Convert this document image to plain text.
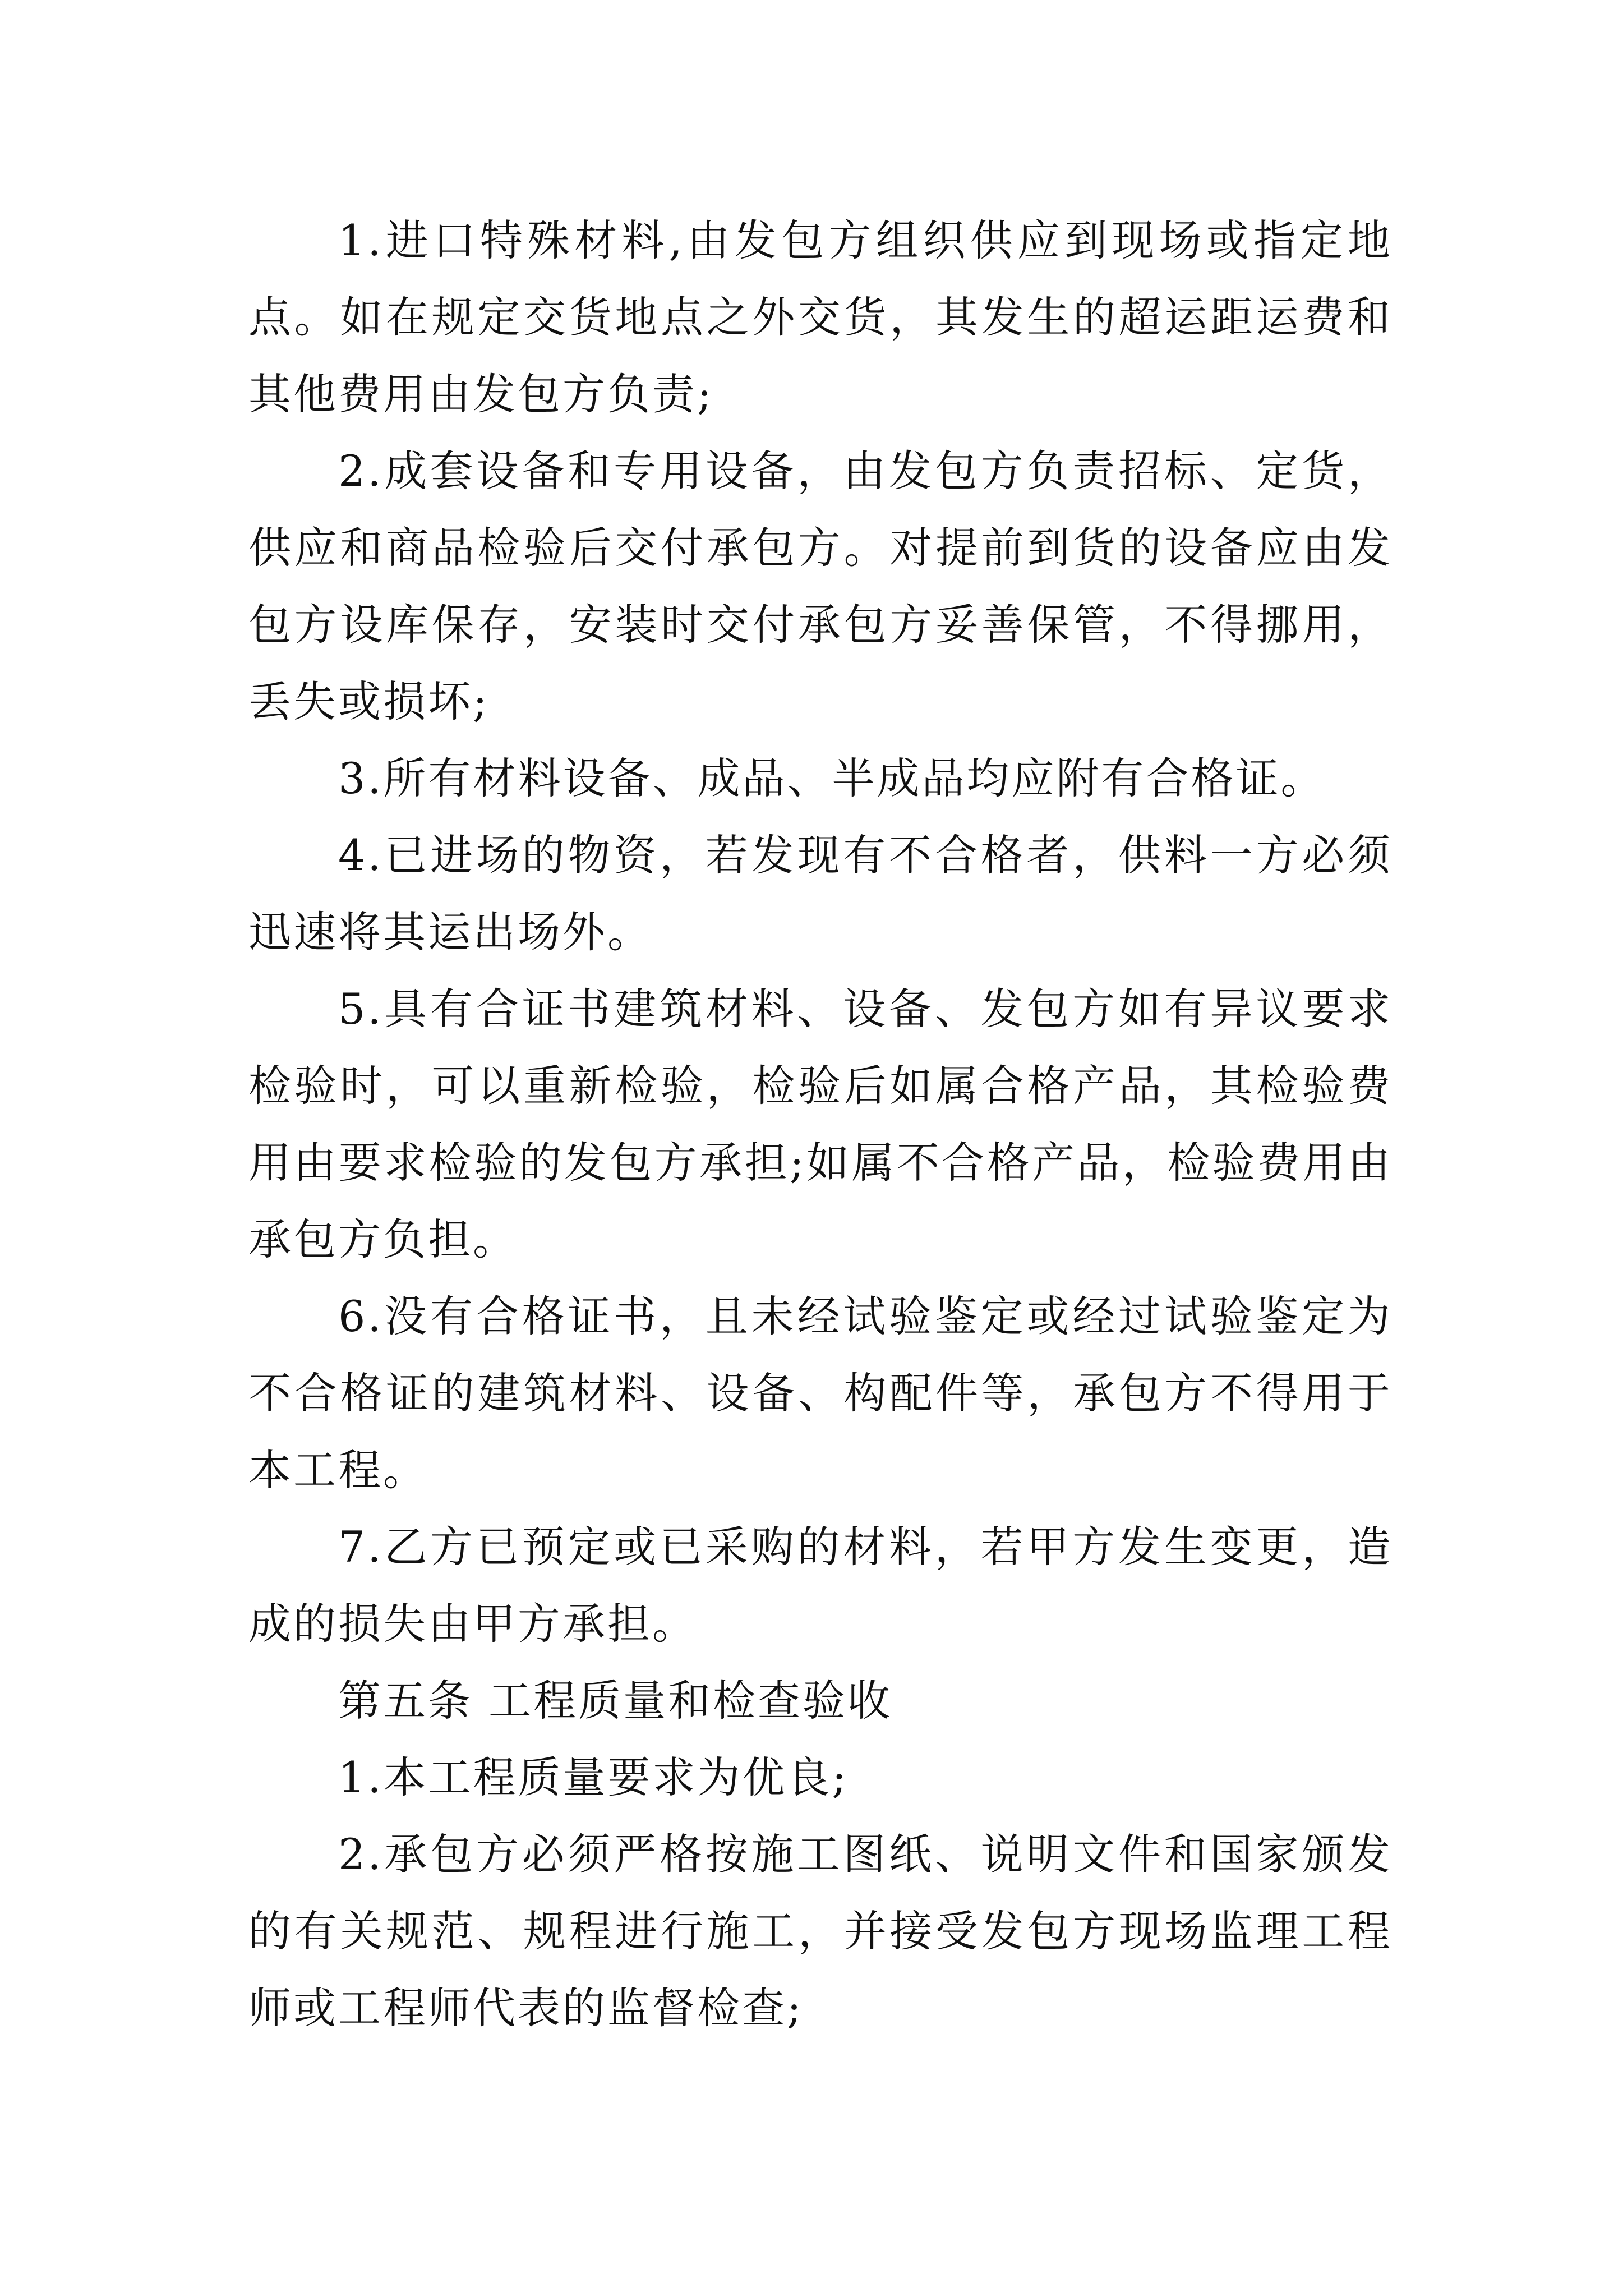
1.进口特殊材料,由发包方组织供应到现场或指定地点。如在规定交货地点之外交货，其发生的超运距运费和其他费用由发包方负责;

2.成套设备和专用设备，由发包方负责招标、定货，供应和商品检验后交付承包方。对提前到货的设备应由发包方设库保存，安装时交付承包方妥善保管，不得挪用，丢失或损坏;

3.所有材料设备、成品、半成品均应附有合格证。

4.已进场的物资，若发现有不合格者，供料一方必须迅速将其运出场外。

5.具有合证书建筑材料、设备、发包方如有异议要求检验时，可以重新检验，检验后如属合格产品，其检验费用由要求检验的发包方承担;如属不合格产品，检验费用由承包方负担。

6.没有合格证书，且未经试验鉴定或经过试验鉴定为不合格证的建筑材料、设备、构配件等，承包方不得用于本工程。

7.乙方已预定或已采购的材料，若甲方发生变更，造成的损失由甲方承担。

第五条 工程质量和检查验收

1.本工程质量要求为优良;

2.承包方必须严格按施工图纸、说明文件和国家颁发的有关规范、规程进行施工，并接受发包方现场监理工程师或工程师代表的监督检查;
